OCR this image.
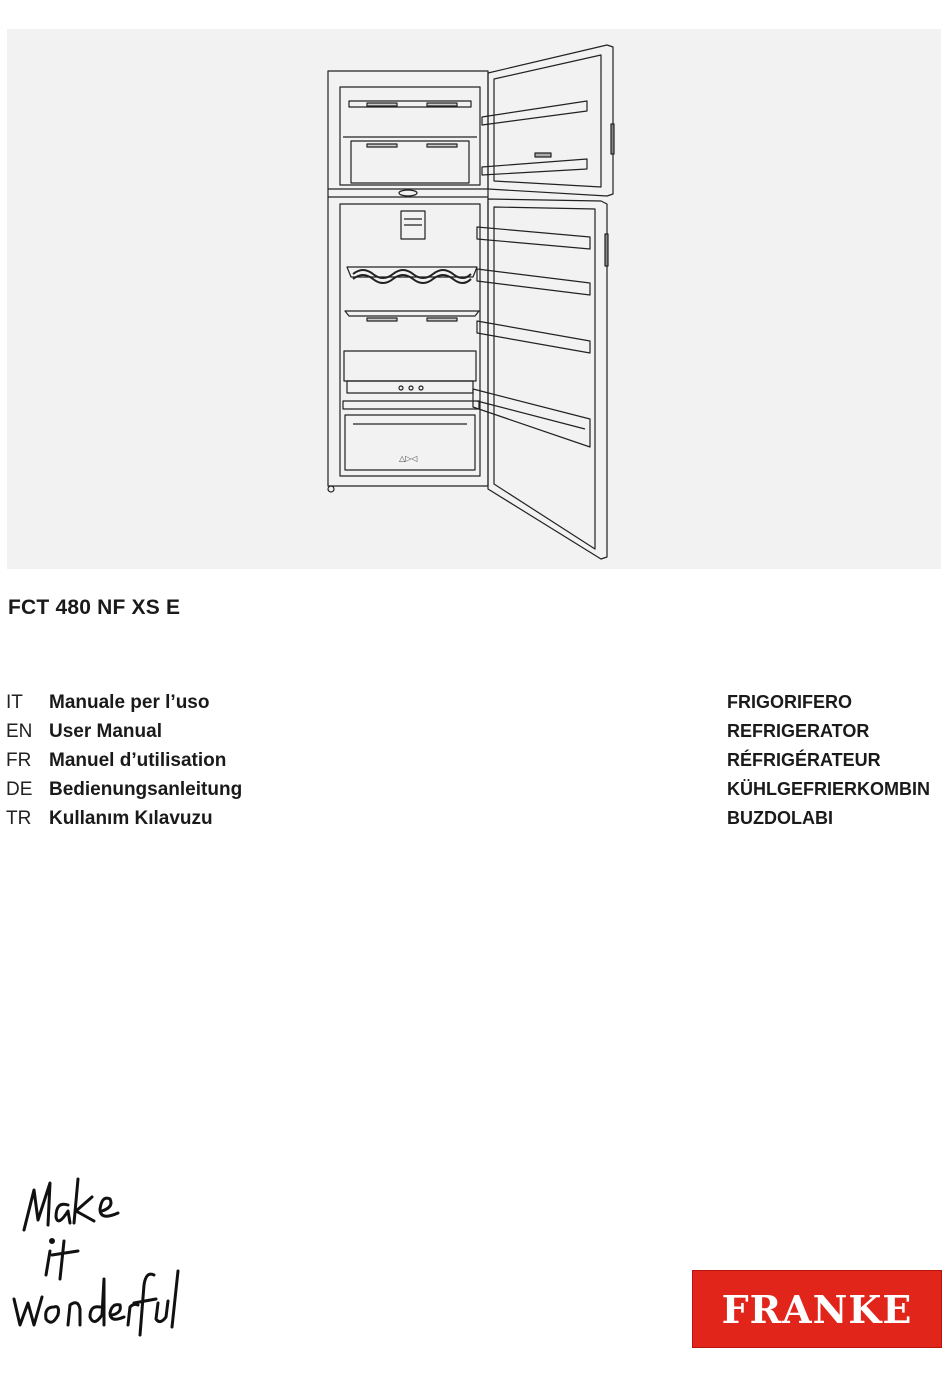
△▷◁
FCT 480 NF XS E
IT Manuale per l’uso	FRIGORIFERO
EN User Manual	REFRIGERATOR
FR Manuel d’utilisation	RÉFRIGÉRATEUR
DE Bedienungsanleitung	KÜHLGEFRIERKOMBIN
TR Kullanım Kılavuzu	BUZDOLABI
FRANKE
